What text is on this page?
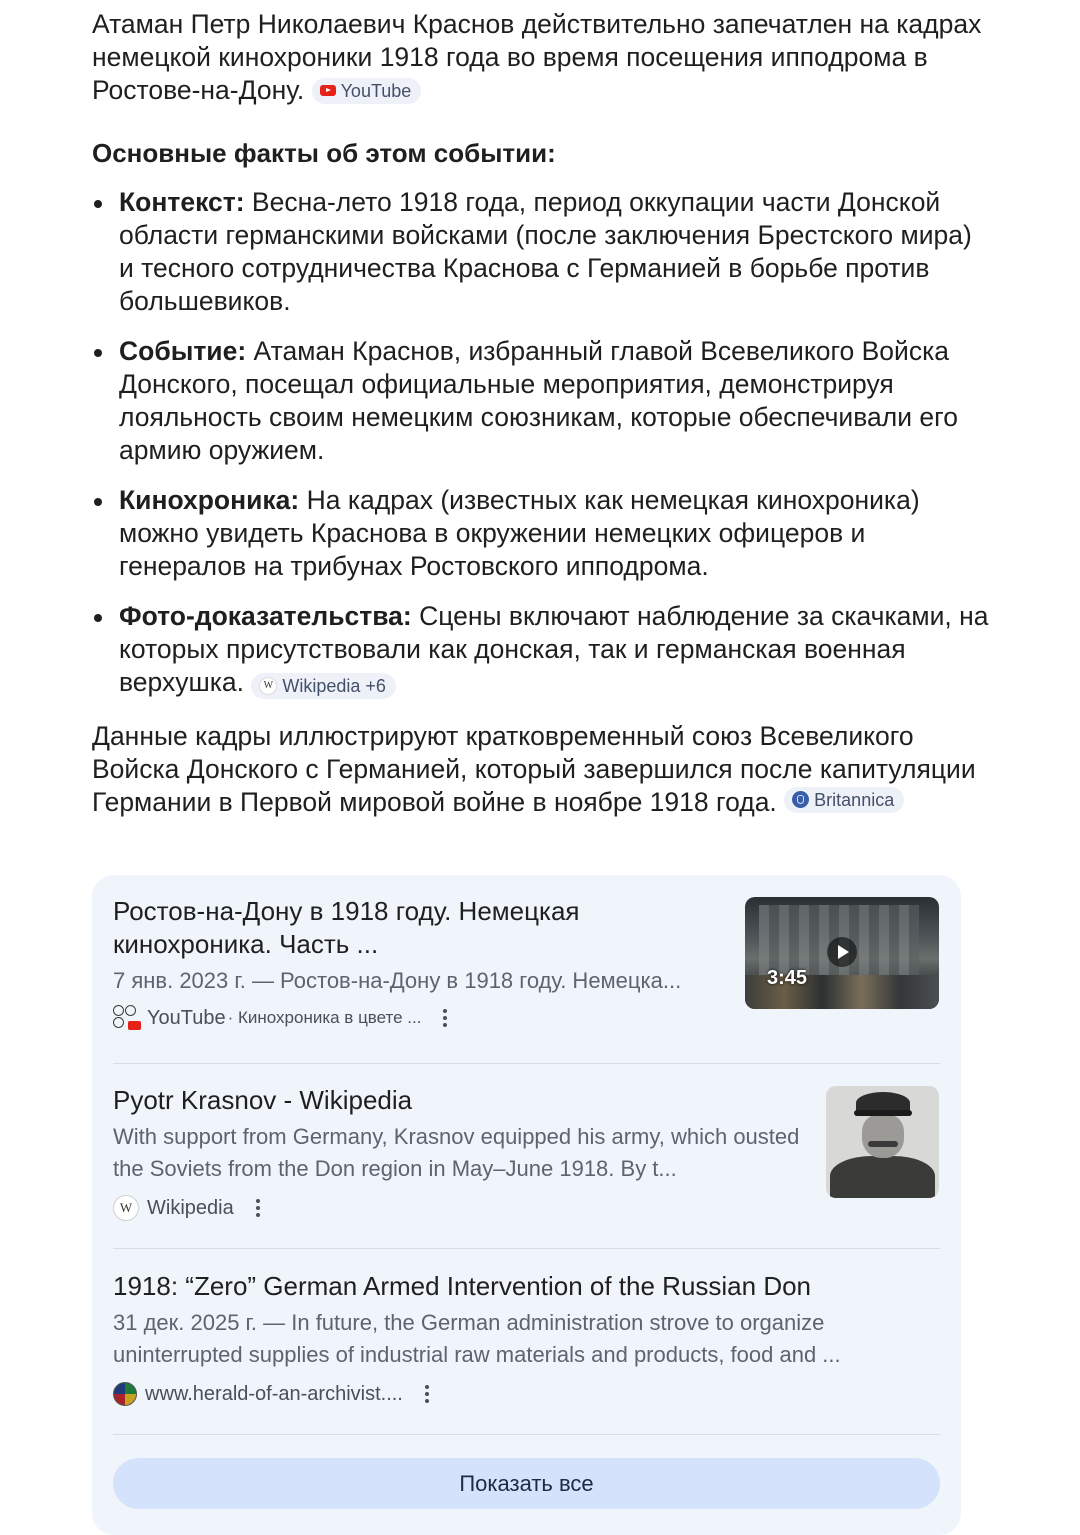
Атаман Петр Николаевич Краснов действительно запечатлен на кадрах немецкой кинохроники 1918 года во время посещения ипподрома в Ростове-на-Дону. YouTube

Основные факты об этом событии:

Контекст: Весна-лето 1918 года, период оккупации части Донской области германскими войсками (после заключения Брестского мира) и тесного сотрудничества Краснова с Германией в борьбе против большевиков.
Событие: Атаман Краснов, избранный главой Всевеликого Войска Донского, посещал официальные мероприятия, демонстрируя лояльность своим немецким союзникам, которые обеспечивали его армию оружием.
Кинохроника: На кадрах (известных как немецкая кинохроника) можно увидеть Краснова в окружении немецких офицеров и генералов на трибунах Ростовского ипподрома.
Фото-доказательства: Сцены включают наблюдение за скачками, на которых присутствовали как донская, так и германская военная верхушка.	W Wikipedia +6

Данные кадры иллюстрируют кратковременный союз Всевеликого Войска Донского с Германией, который завершился после капитуляции Германии в Первой мировой войне в ноябре 1918 года. Britannica

Ростов-на-Дону в 1918 году. Немецкая кинохроника. Часть ...

7 янв. 2023 г. — Ростов-на-Дону в 1918 году. Немецка...

YouTube · Кинохроника в цвете ...
3:45

Pyotr Krasnov - Wikipedia

With support from Germany, Krasnov equipped his army, which ousted the Soviets from the Don region in May–June 1918. By t...

W Wikipedia

1918: “Zero” German Armed Intervention of the Russian Don

31 дек. 2025 г. — In future, the German administration strove to organize uninterrupted supplies of industrial raw materials and products, food and ...

www.herald-of-an-archivist....
Показать все
